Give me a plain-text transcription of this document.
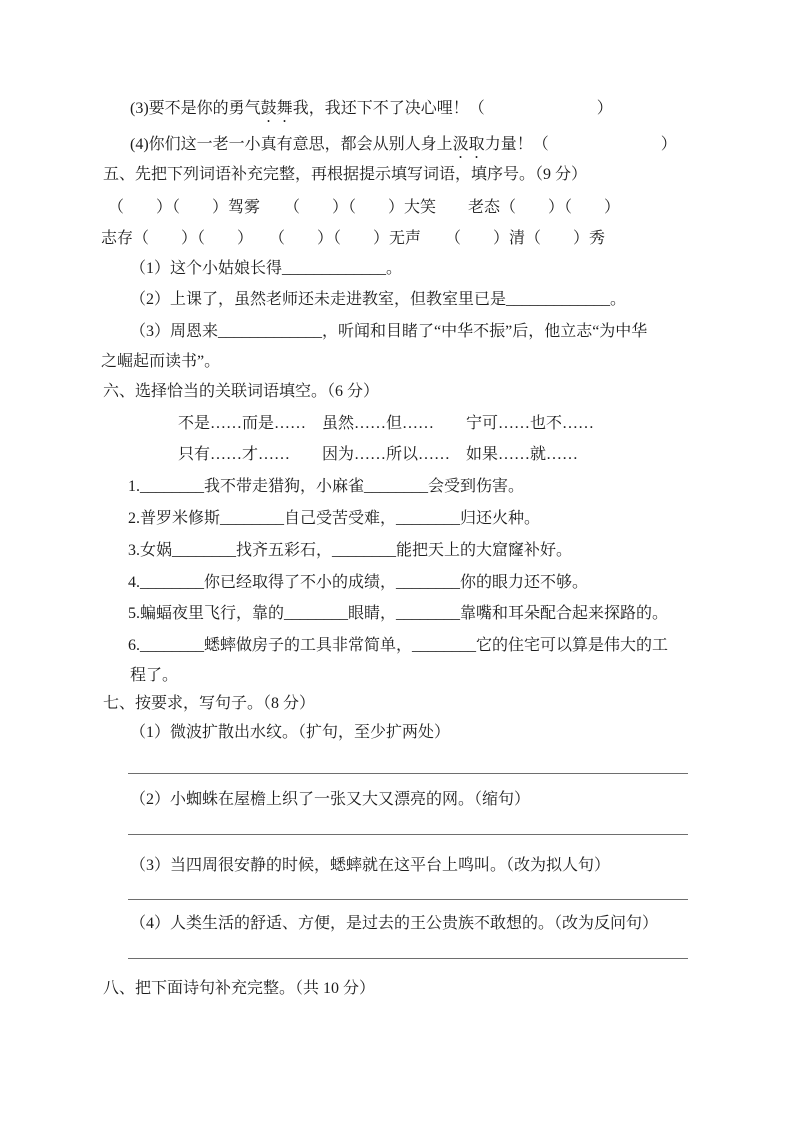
(3)要不是你的勇气鼓舞我，我还下不了决心哩！（　　　　　　　）
(4)你们这一老一小真有意思，都会从别人身上汲取力量！（　　　　　　　）
五、先把下列词语补充完整，再根据提示填写词语，填序号。（9 分）
（　　）（　　）驾雾　　（　　）（　　）大笑　　老态（　　）（　　）
志存（　　）（　　）　　（　　）（　　）无声　　（　　）清（　　）秀
（1）这个小姑娘长得_____________。
（2）上课了，虽然老师还未走进教室，但教室里已是_____________。
（3）周恩来_____________，听闻和目睹了“中华不振”后，他立志“为中华
之崛起而读书”。
六、选择恰当的关联词语填空。（6 分）
不是……而是……　虽然……但……　　宁可……也不……
只有……才……　　因为……所以……　如果……就……
1.________我不带走猎狗，小麻雀________会受到伤害。
2.普罗米修斯________自己受苦受难，________归还火种。
3.女娲________找齐五彩石，________能把天上的大窟窿补好。
4.________你已经取得了不小的成绩，________你的眼力还不够。
5.蝙蝠夜里飞行，靠的________眼睛，________靠嘴和耳朵配合起来探路的。
6.________蟋蟀做房子的工具非常简单，________它的住宅可以算是伟大的工
程了。
七、按要求，写句子。（8 分）
（1）微波扩散出水纹。（扩句，至少扩两处）
（2）小蜘蛛在屋檐上织了一张又大又漂亮的网。（缩句）
（3）当四周很安静的时候，蟋蟀就在这平台上鸣叫。（改为拟人句）
（4）人类生活的舒适、方便，是过去的王公贵族不敢想的。（改为反问句）
八、把下面诗句补充完整。（共 10 分）
